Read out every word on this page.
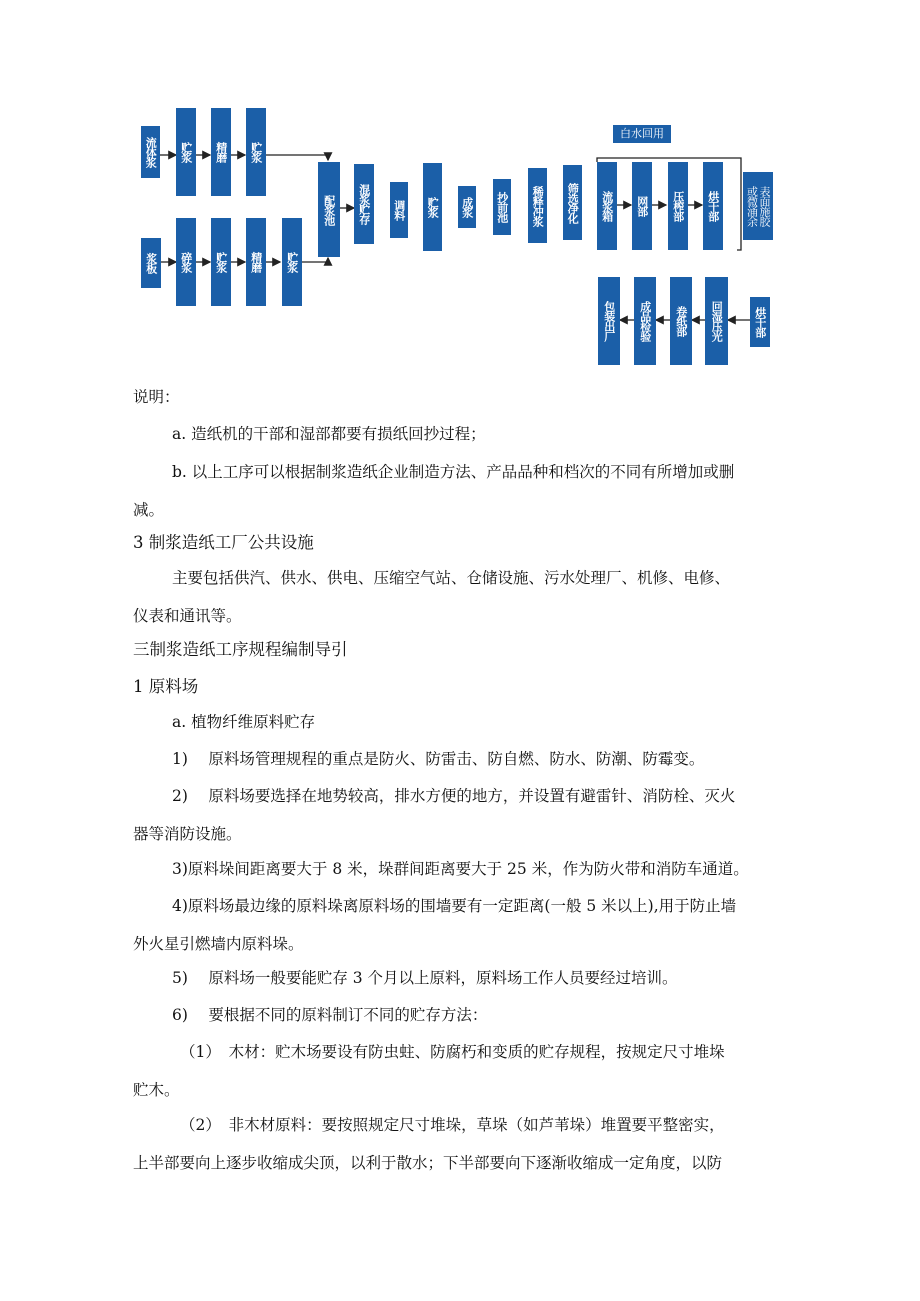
流体浆 贮浆 精磨 贮浆
浆板 碎浆 贮浆 精磨 贮浆
配浆池 混浆贮存 调料 贮浆 成浆 抄前池 稀释冲浆 筛选净化
白水回用
流浆箱 网部 压榨部 烘干部	表面施胶
或微涌余
烘干部
回湿压光
卷纸部
成品检验
包装出厂
说明：
a. 造纸机的干部和湿部都要有损纸回抄过程；
b. 以上工序可以根据制浆造纸企业制造方法、产品品种和档次的不同有所增加或删
减。
3 制浆造纸工厂公共设施
主要包括供汽、供水、供电、压缩空气站、仓储设施、污水处理厂、机修、电修、
仪表和通讯等。
三制浆造纸工序规程编制导引
1 原料场
a. 植物纤维原料贮存
1)　 原料场管理规程的重点是防火、防雷击、防自燃、防水、防潮、防霉变。
2)　 原料场要选择在地势较高，排水方便的地方，并设置有避雷针、消防栓、灭火
器等消防设施。
3)原料垛间距离要大于 8 米，垛群间距离要大于 25 米，作为防火带和消防车通道。
4)原料场最边缘的原料垛离原料场的围墙要有一定距离(一般 5 米以上),用于防止墙
外火星引燃墙内原料垛。
5)　 原料场一般要能贮存 3 个月以上原料，原料场工作人员要经过培训。
6)　 要根据不同的原料制订不同的贮存方法：
（1）　木材：贮木场要设有防虫蛀、防腐朽和变质的贮存规程，按规定尺寸堆垛
贮木。
（2）　非木材原料：要按照规定尺寸堆垛，草垛（如芦苇垛）堆置要平整密实，
上半部要向上逐步收缩成尖顶，以利于散水；下半部要向下逐渐收缩成一定角度，以防
